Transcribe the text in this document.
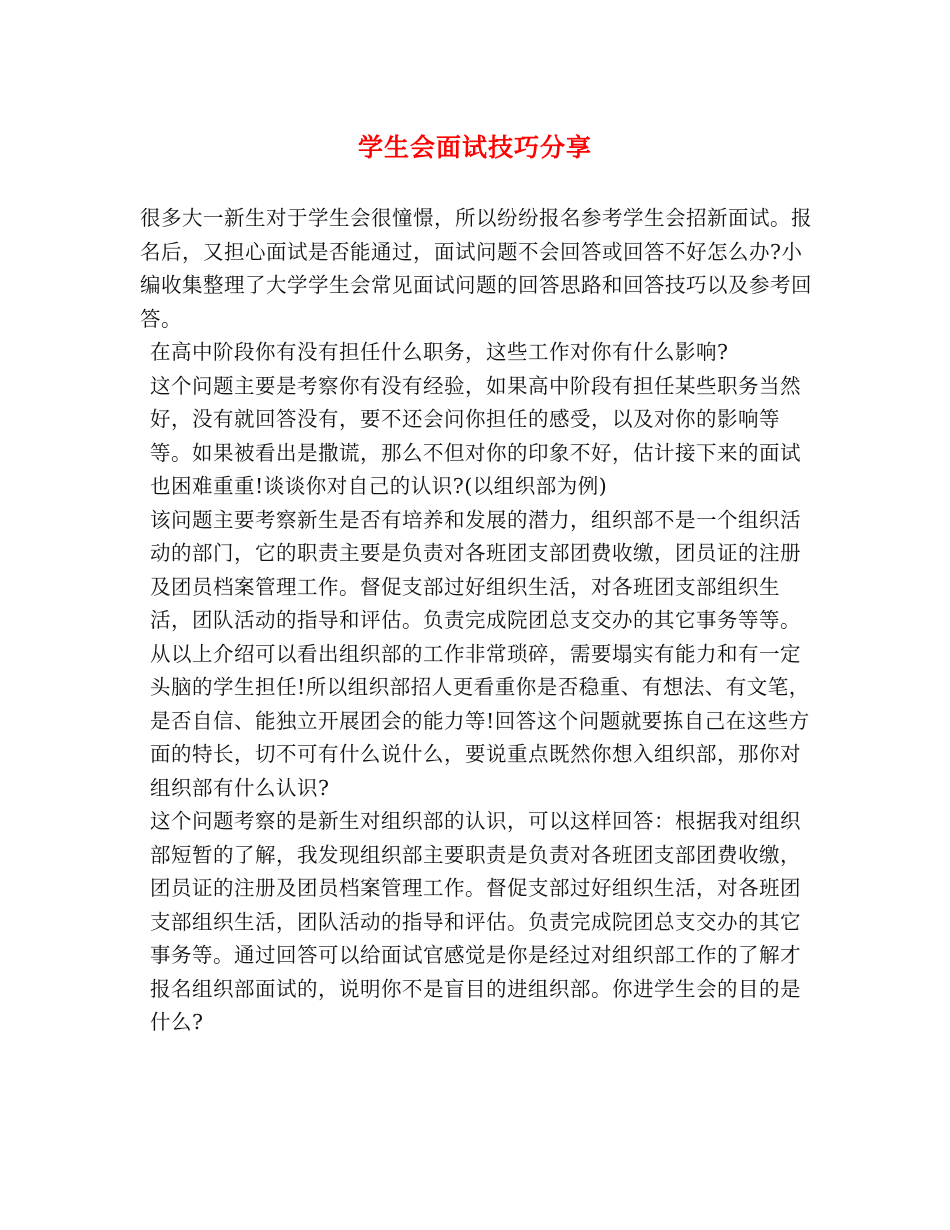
学生会面试技巧分享

很多大一新生对于学生会很憧憬，所以纷纷报名参考学生会招新面试。报名后，又担心面试是否能通过，面试问题不会回答或回答不好怎么办?小编收集整理了大学学生会常见面试问题的回答思路和回答技巧以及参考回答。

在高中阶段你有没有担任什么职务，这些工作对你有什么影响?

这个问题主要是考察你有没有经验，如果高中阶段有担任某些职务当然好，没有就回答没有，要不还会问你担任的感受，以及对你的影响等等。如果被看出是撒谎，那么不但对你的印象不好，估计接下来的面试也困难重重!谈谈你对自己的认识?(以组织部为例)

该问题主要考察新生是否有培养和发展的潜力，组织部不是一个组织活动的部门，它的职责主要是负责对各班团支部团费收缴，团员证的注册及团员档案管理工作。督促支部过好组织生活，对各班团支部组织生活，团队活动的指导和评估。负责完成院团总支交办的其它事务等等。从以上介绍可以看出组织部的工作非常琐碎，需要塌实有能力和有一定头脑的学生担任!所以组织部招人更看重你是否稳重、有想法、有文笔，是否自信、能独立开展团会的能力等!回答这个问题就要拣自己在这些方面的特长，切不可有什么说什么，要说重点既然你想入组织部，那你对组织部有什么认识?

这个问题考察的是新生对组织部的认识，可以这样回答：根据我对组织部短暂的了解，我发现组织部主要职责是负责对各班团支部团费收缴，团员证的注册及团员档案管理工作。督促支部过好组织生活，对各班团支部组织生活，团队活动的指导和评估。负责完成院团总支交办的其它事务等。通过回答可以给面试官感觉是你是经过对组织部工作的了解才报名组织部面试的，说明你不是盲目的进组织部。你进学生会的目的是什么?
